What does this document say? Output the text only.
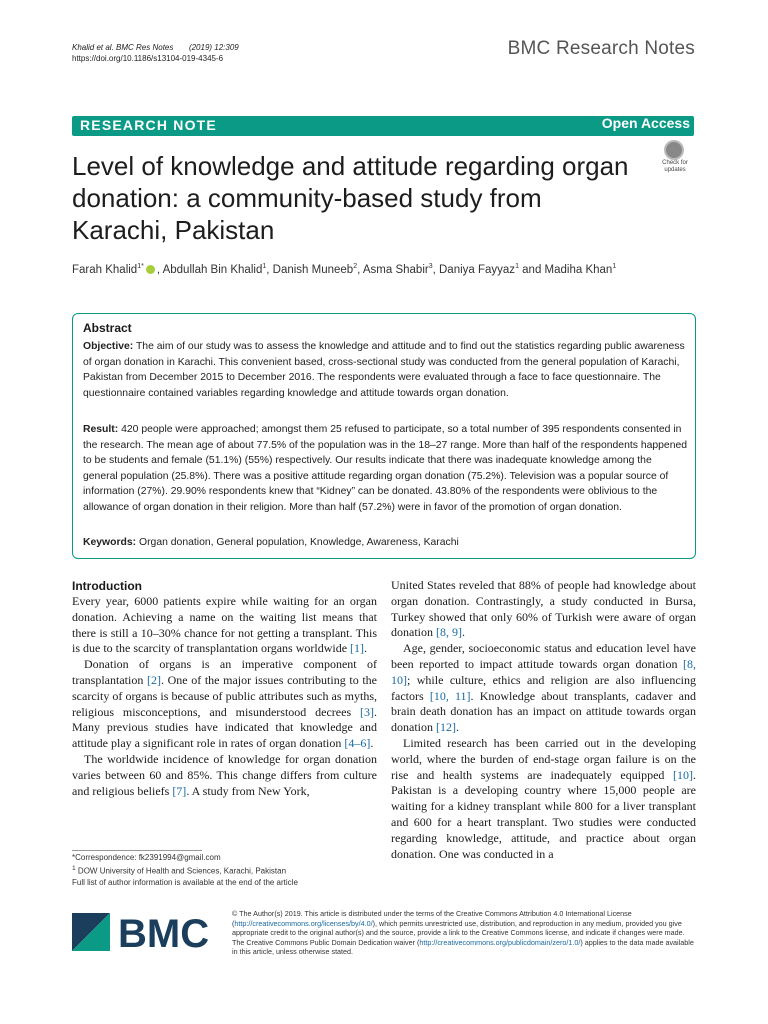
Khalid et al. BMC Res Notes (2019) 12:309
https://doi.org/10.1186/s13104-019-4345-6	BMC Research Notes
RESEARCH NOTE	Open Access
Level of knowledge and attitude regarding organ donation: a community-based study from Karachi, Pakistan
Check for updates
Farah Khalid$^{1*}$ , Abdullah Bin Khalid$^1$, Danish Muneeb$^2$, Asma Shabir$^3$, Daniya Fayyaz$^1$ and Madiha Khan$^1$
Abstract
Objective: The aim of our study was to assess the knowledge and attitude and to find out the statistics regarding public awareness of organ donation in Karachi. This convenient based, cross-sectional study was conducted from the general population of Karachi, Pakistan from December 2015 to December 2016. The respondents were evaluated through a face to face questionnaire. The questionnaire contained variables regarding knowledge and attitude towards organ donation.
Result: 420 people were approached; amongst them 25 refused to participate, so a total number of 395 respondents consented in the research. The mean age of about 77.5% of the population was in the 18–27 range. More than half of the respondents happened to be students and female (51.1%) (55%) respectively. Our results indicate that there was inadequate knowledge among the general population (25.8%). There was a positive attitude regarding organ donation (75.2%). Television was a popular source of information (27%). 29.90% respondents knew that “Kidney” can be donated. 43.80% of the respondents were oblivious to the allowance of organ donation in their religion. More than half (57.2%) were in favor of the promotion of organ donation.
Keywords: Organ donation, General population, Knowledge, Awareness, Karachi
Introduction

Every year, 6000 patients expire while waiting for an organ donation. Achieving a name on the waiting list means that there is still a 10–30% chance for not getting a transplant. This is due to the scarcity of transplantation organs worldwide [1].

Donation of organs is an imperative component of transplantation [2]. One of the major issues contributing to the scarcity of organs is because of public attributes such as myths, religious misconceptions, and misunderstood decrees [3]. Many previous studies have indicated that knowledge and attitude play a significant role in rates of organ donation [4–6].

The worldwide incidence of knowledge for organ donation varies between 60 and 85%. This change differs from culture and religious beliefs [7]. A study from New York,

United States reveled that 88% of people had knowledge about organ donation. Contrastingly, a study conducted in Bursa, Turkey showed that only 60% of Turkish were aware of organ donation [8, 9].

Age, gender, socioeconomic status and education level have been reported to impact attitude towards organ donation [8, 10]; while culture, ethics and religion are also influencing factors [10, 11]. Knowledge about transplants, cadaver and brain death donation has an impact on attitude towards organ donation [12].

Limited research has been carried out in the developing world, where the burden of end-stage organ failure is on the rise and health systems are inadequately equipped [10]. Pakistan is a developing country where 15,000 people are waiting for a kidney transplant while 800 for a liver transplant and 600 for a heart transplant. Two studies were conducted regarding knowledge, attitude, and practice about organ donation. One was conducted in a

*Correspondence: fk2391994@gmail.com
$^1$ DOW University of Health and Sciences, Karachi, Pakistan
Full list of author information is available at the end of the article
BMC	© The Author(s) 2019. This article is distributed under the terms of the Creative Commons Attribution 4.0 International License (http://creativecommons.org/licenses/by/4.0/), which permits unrestricted use, distribution, and reproduction in any medium, provided you give appropriate credit to the original author(s) and the source, provide a link to the Creative Commons license, and indicate if changes were made. The Creative Commons Public Domain Dedication waiver (http://creativecommons.org/publicdomain/zero/1.0/) applies to the data made available in this article, unless otherwise stated.
